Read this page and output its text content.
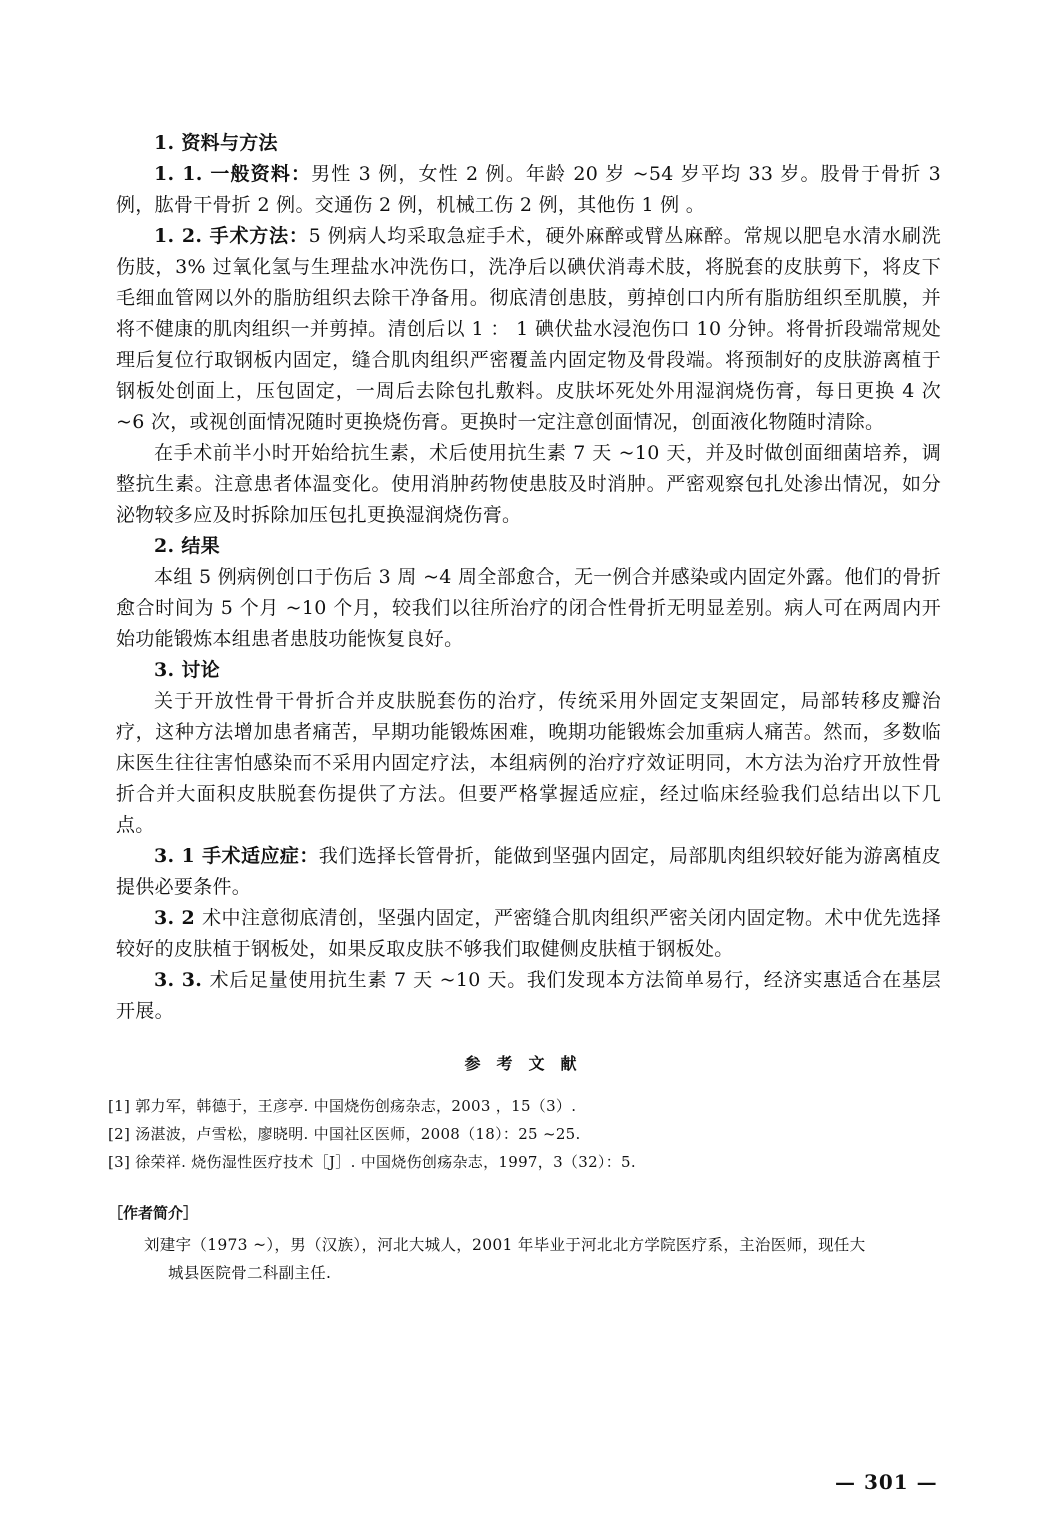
1. 资料与方法

1. 1. 一般资料：男性 3 例，女性 2 例。年龄 20 岁 ~54 岁平均 33 岁。股骨于骨折 3 例，肱骨干骨折 2 例。交通伤 2 例，机械工伤 2 例，其他伤 1 例 。

1. 2. 手术方法：5 例病人均采取急症手术，硬外麻醉或臂丛麻醉。常规以肥皂水清水刷洗伤肢，3% 过氧化氢与生理盐水冲洗伤口，洗净后以碘伏消毒术肢，将脱套的皮肤剪下，将皮下毛细血管网以外的脂肪组织去除干净备用。彻底清创患肢，剪掉创口内所有脂肪组织至肌膜，并将不健康的肌肉组织一并剪掉。清创后以 1 ： 1 碘伏盐水浸泡伤口 10 分钟。将骨折段端常规处理后复位行取钢板内固定，缝合肌肉组织严密覆盖内固定物及骨段端。将预制好的皮肤游离植于钢板处创面上，压包固定，一周后去除包扎敷料。皮肤坏死处外用湿润烧伤膏，每日更换 4 次 ~6 次，或视创面情况随时更换烧伤膏。更换时一定注意创面情况，创面液化物随时清除。

在手术前半小时开始给抗生素，术后使用抗生素 7 天 ~10 天，并及时做创面细菌培养，调整抗生素。注意患者体温变化。使用消肿药物使患肢及时消肿。严密观察包扎处渗出情况，如分泌物较多应及时拆除加压包扎更换湿润烧伤膏。

2. 结果

本组 5 例病例创口于伤后 3 周 ~4 周全部愈合，无一例合并感染或内固定外露。他们的骨折愈合时间为 5 个月 ~10 个月，较我们以往所治疗的闭合性骨折无明显差别。病人可在两周内开始功能锻炼本组患者患肢功能恢复良好。

3. 讨论

关于开放性骨干骨折合并皮肤脱套伤的治疗，传统采用外固定支架固定，局部转移皮瓣治疗，这种方法增加患者痛苦，早期功能锻炼困难，晚期功能锻炼会加重病人痛苦。然而，多数临床医生往往害怕感染而不采用内固定疗法，本组病例的治疗疗效证明同，木方法为治疗开放性骨折合并大面积皮肤脱套伤提供了方法。但要严格掌握适应症，经过临床经验我们总结出以下几点。

3. 1 手术适应症：我们选择长管骨折，能做到坚强内固定，局部肌肉组织较好能为游离植皮提供必要条件。

3. 2 术中注意彻底清创，坚强内固定，严密缝合肌肉组织严密关闭内固定物。术中优先选择较好的皮肤植于钢板处，如果反取皮肤不够我们取健侧皮肤植于钢板处。

3. 3. 术后足量使用抗生素 7 天 ~10 天。我们发现本方法简单易行，经济实惠适合在基层开展。

参考文献

[1] 郭力军，韩德于，王彦亭. 中国烧伤创疡杂志，2003 ，15（3）.

[2] 汤湛波，卢雪松，廖晓明. 中国社区医师，2008（18）：25 ~25.

[3] 徐荣祥. 烧伤湿性医疗技术［J］. 中国烧伤创疡杂志，1997，3（32）：5.

［作者简介］

刘建宇（1973 ~），男（汉族），河北大城人，2001 年毕业于河北北方学院医疗系，主治医师，现任大

城县医院骨二科副主任.

— 301 —
